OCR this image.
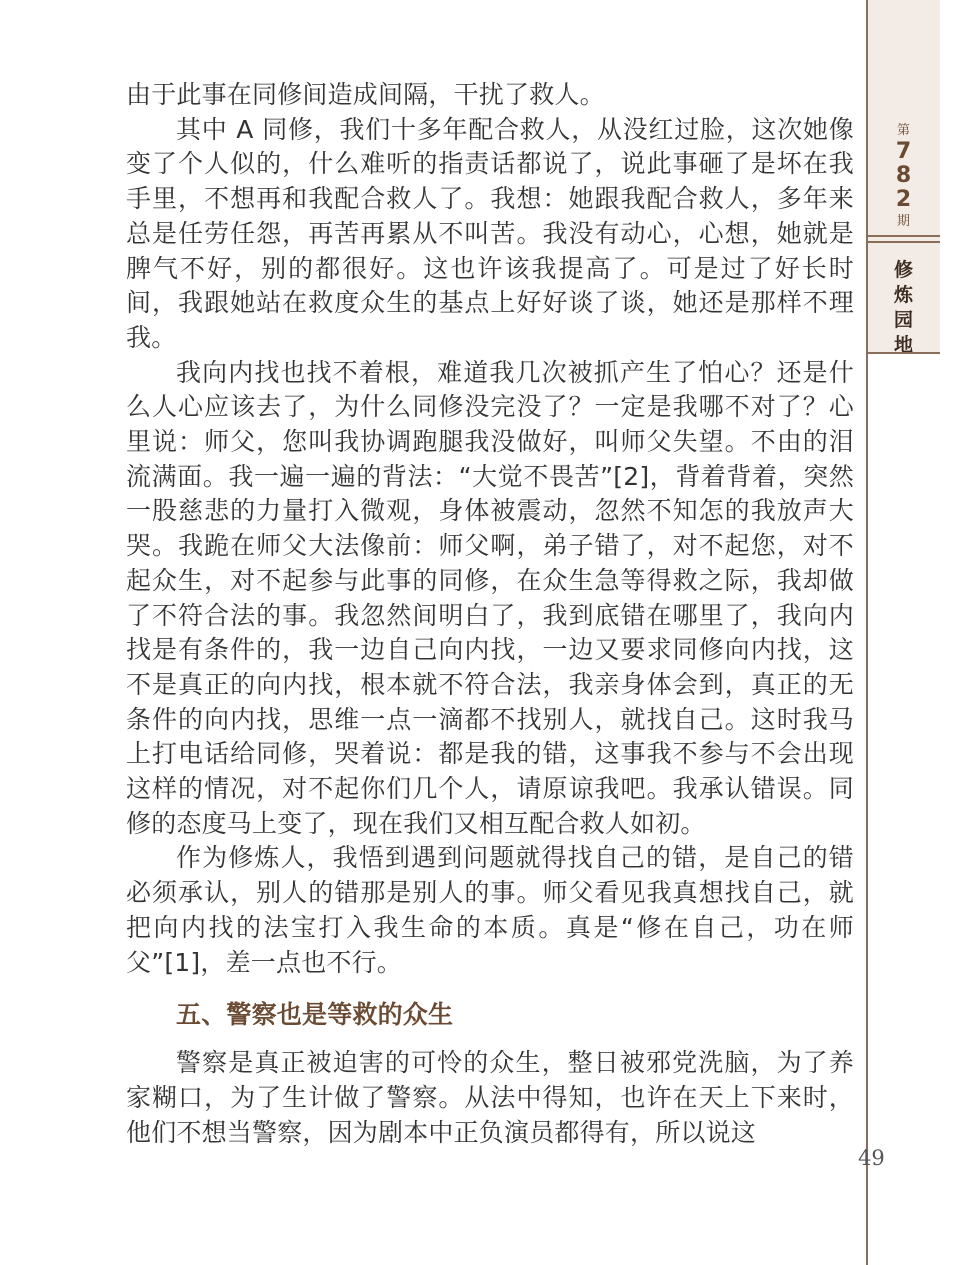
第
782
期
修炼园地

由于此事在同修间造成间隔，干扰了救人。

其中 A 同修，我们十多年配合救人，从没红过脸，这次她像变了个人似的，什么难听的指责话都说了，说此事砸了是坏在我手里，不想再和我配合救人了。我想：她跟我配合救人，多年来总是任劳任怨，再苦再累从不叫苦。我没有动心，心想，她就是脾气不好，别的都很好。这也许该我提高了。可是过了好长时间，我跟她站在救度众生的基点上好好谈了谈，她还是那样不理我。

我向内找也找不着根，难道我几次被抓产生了怕心？还是什么人心应该去了，为什么同修没完没了？一定是我哪不对了？心里说：师父，您叫我协调跑腿我没做好，叫师父失望。不由的泪流满面。我一遍一遍的背法：“大觉不畏苦”[2]，背着背着，突然一股慈悲的力量打入微观，身体被震动，忽然不知怎的我放声大哭。我跪在师父大法像前：师父啊，弟子错了，对不起您，对不起众生，对不起参与此事的同修，在众生急等得救之际，我却做了不符合法的事。我忽然间明白了，我到底错在哪里了，我向内找是有条件的，我一边自己向内找，一边又要求同修向内找，这不是真正的向内找，根本就不符合法，我亲身体会到，真正的无条件的向内找，思维一点一滴都不找别人，就找自己。这时我马上打电话给同修，哭着说：都是我的错，这事我不参与不会出现这样的情况，对不起你们几个人，请原谅我吧。我承认错误。同修的态度马上变了，现在我们又相互配合救人如初。

作为修炼人，我悟到遇到问题就得找自己的错，是自己的错必须承认，别人的错那是别人的事。师父看见我真想找自己，就把向内找的法宝打入我生命的本质。真是“修在自己，功在师父”[1]，差一点也不行。

五、警察也是等救的众生

警察是真正被迫害的可怜的众生，整日被邪党洗脑，为了养家糊口，为了生计做了警察。从法中得知，也许在天上下来时，他们不想当警察，因为剧本中正负演员都得有，所以说这

49
